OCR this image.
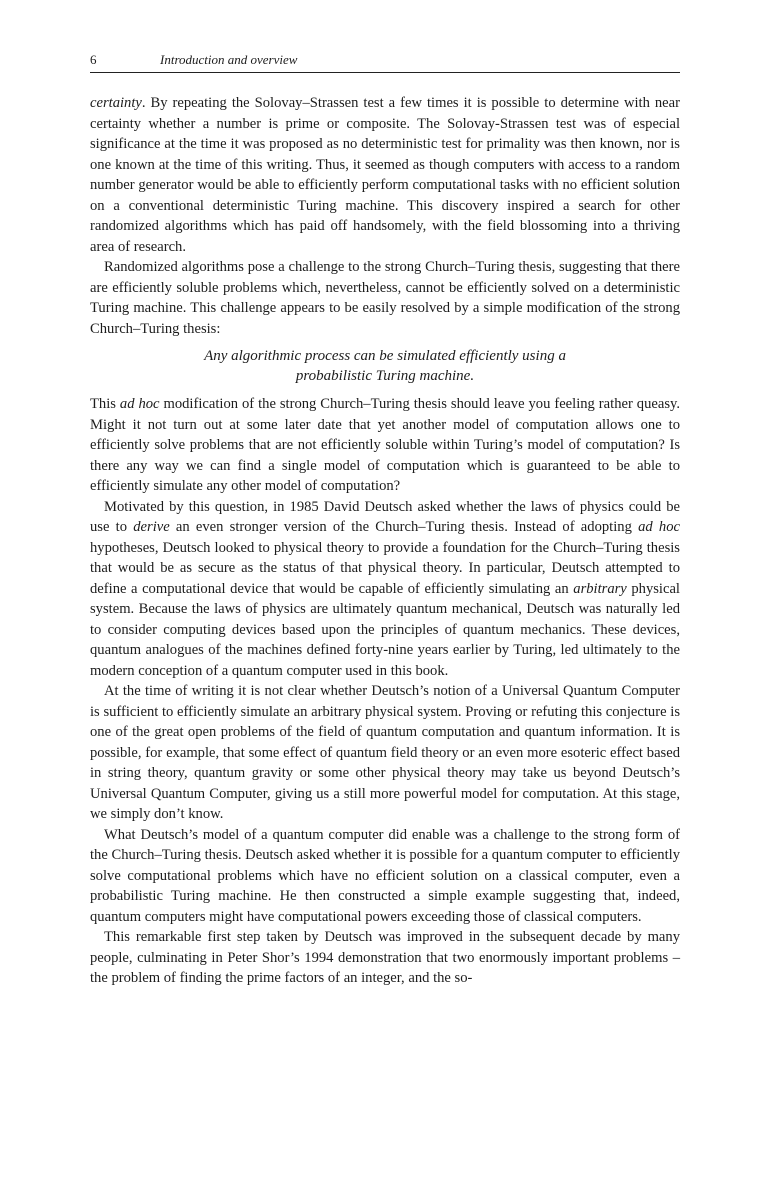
6	Introduction and overview

certainty. By repeating the Solovay–Strassen test a few times it is possible to determine with near certainty whether a number is prime or composite. The Solovay-Strassen test was of especial significance at the time it was proposed as no deterministic test for primality was then known, nor is one known at the time of this writing. Thus, it seemed as though computers with access to a random number generator would be able to efficiently perform computational tasks with no efficient solution on a conventional deterministic Turing machine. This discovery inspired a search for other randomized algorithms which has paid off handsomely, with the field blossoming into a thriving area of research.

Randomized algorithms pose a challenge to the strong Church–Turing thesis, suggesting that there are efficiently soluble problems which, nevertheless, cannot be efficiently solved on a deterministic Turing machine. This challenge appears to be easily resolved by a simple modification of the strong Church–Turing thesis:

Any algorithmic process can be simulated efficiently using a
probabilistic Turing machine.

This ad hoc modification of the strong Church–Turing thesis should leave you feeling rather queasy. Might it not turn out at some later date that yet another model of computation allows one to efficiently solve problems that are not efficiently soluble within Turing’s model of computation? Is there any way we can find a single model of computation which is guaranteed to be able to efficiently simulate any other model of computation?

Motivated by this question, in 1985 David Deutsch asked whether the laws of physics could be use to derive an even stronger version of the Church–Turing thesis. Instead of adopting ad hoc hypotheses, Deutsch looked to physical theory to provide a foundation for the Church–Turing thesis that would be as secure as the status of that physical theory. In particular, Deutsch attempted to define a computational device that would be capable of efficiently simulating an arbitrary physical system. Because the laws of physics are ultimately quantum mechanical, Deutsch was naturally led to consider computing devices based upon the principles of quantum mechanics. These devices, quantum analogues of the machines defined forty-nine years earlier by Turing, led ultimately to the modern conception of a quantum computer used in this book.

At the time of writing it is not clear whether Deutsch’s notion of a Universal Quantum Computer is sufficient to efficiently simulate an arbitrary physical system. Proving or refuting this conjecture is one of the great open problems of the field of quantum computation and quantum information. It is possible, for example, that some effect of quantum field theory or an even more esoteric effect based in string theory, quantum gravity or some other physical theory may take us beyond Deutsch’s Universal Quantum Computer, giving us a still more powerful model for computation. At this stage, we simply don’t know.

What Deutsch’s model of a quantum computer did enable was a challenge to the strong form of the Church–Turing thesis. Deutsch asked whether it is possible for a quantum computer to efficiently solve computational problems which have no efficient solution on a classical computer, even a probabilistic Turing machine. He then constructed a simple example suggesting that, indeed, quantum computers might have computational powers exceeding those of classical computers.

This remarkable first step taken by Deutsch was improved in the subsequent decade by many people, culminating in Peter Shor’s 1994 demonstration that two enormously important problems – the problem of finding the prime factors of an integer, and the so-
